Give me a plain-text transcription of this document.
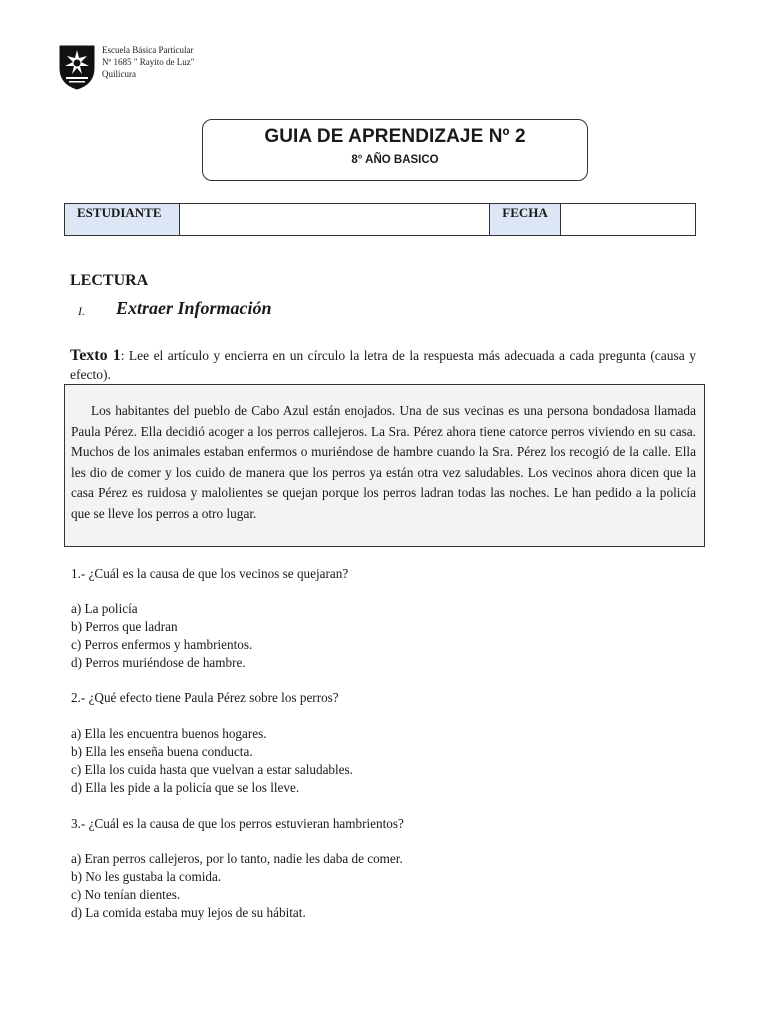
Escuela Básica Particular
Nº 1685 " Rayito de Luz"
Quilicura
GUIA DE APRENDIZAJE Nº 2
8° AÑO BASICO
ESTUDIANTE		FECHA	
LECTURA
I. Extraer Información
Texto 1: Lee el artículo y encierra en un círculo la letra de la respuesta más adecuada a cada pregunta (causa y efecto).
Los habitantes del pueblo de Cabo Azul están enojados. Una de sus vecinas es una persona bondadosa llamada Paula Pérez. Ella decidió acoger a los perros callejeros. La Sra. Pérez ahora tiene catorce perros viviendo en su casa. Muchos de los animales estaban enfermos o muriéndose de hambre cuando la Sra. Pérez los recogió de la calle. Ella les dio de comer y los cuido de manera que los perros ya están otra vez saludables. Los vecinos ahora dicen que la casa Pérez es ruidosa y malolientes se quejan porque los perros ladran todas las noches. Le han pedido a la policía que se lleve los perros a otro lugar.
1.- ¿Cuál es la causa de que los vecinos se quejaran?
a) La policía
b) Perros que ladran
c) Perros enfermos y hambrientos.
d) Perros muriéndose de hambre.
2.- ¿Qué efecto tiene Paula Pérez sobre los perros?
a) Ella les encuentra buenos hogares.
b) Ella les enseña buena conducta.
c) Ella los cuida hasta que vuelvan a estar saludables.
d) Ella les pide a la policía que se los lleve.
3.- ¿Cuál es la causa de que los perros estuvieran hambrientos?
a) Eran perros callejeros, por lo tanto, nadie les daba de comer.
b) No les gustaba la comida.
c) No tenían dientes.
d) La comida estaba muy lejos de su hábitat.
